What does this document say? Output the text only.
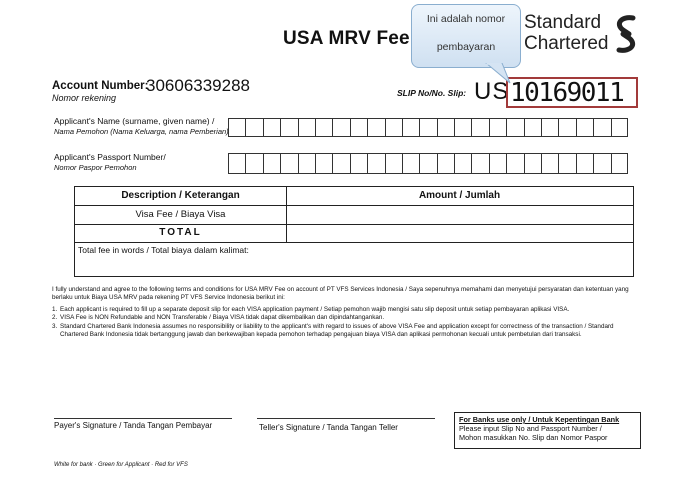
USA MRV Fee
Standard
Chartered
Ini adalah nomor
pembayaran
Account Number:
Nomor rekening
30606339288	SLIP No/No. Slip: US 10169011
Applicant's Name (surname, given name) /
Nama Pemohon (Nama Keluarga, nama Pemberian)
Applicant's Passport Number/
Nomor Paspor Pemohon
Description / Keterangan	Amount / Jumlah
Visa Fee / Biaya Visa
TOTAL
Total fee in words / Total biaya dalam kalimat:

I fully understand and agree to the following terms and conditions for USA MRV Fee on account of PT VFS Services Indonesia / Saya sepenuhnya memahami dan menyetujui persyaratan dan ketentuan yang berlaku untuk Biaya USA MRV pada rekening PT VFS Service Indonesia berikut ini:

1. Each applicant is required to fill up a separate deposit slip for each VISA application payment / Setiap pemohon wajib mengisi satu slip deposit untuk setiap pembayaran aplikasi VISA.
2. VISA Fee is NON Refundable and NON Transferable / Biaya VISA tidak dapat dikembalikan dan dipindahtangankan.
3. Standard Chartered Bank Indonesia assumes no responsibility or liability to the applicant's with regard to issues of above VISA Fee and application except for correctness of the transaction / Standard Chartered Bank Indonesia tidak bertanggung jawab dan berkewajiban kepada pemohon terhadap pengajuan biaya VISA dan aplikasi permohonan kecuali untuk pembetulan dari transaksi.
Payer's Signature / Tanda Tangan Pembayar	Teller's Signature / Tanda Tangan Teller
For Banks use only / Untuk Kepentingan Bank
Please input Slip No and Passport Number /
Mohon masukkan No. Slip dan Nomor Paspor
White for bank · Green for Applicant · Red for VFS
